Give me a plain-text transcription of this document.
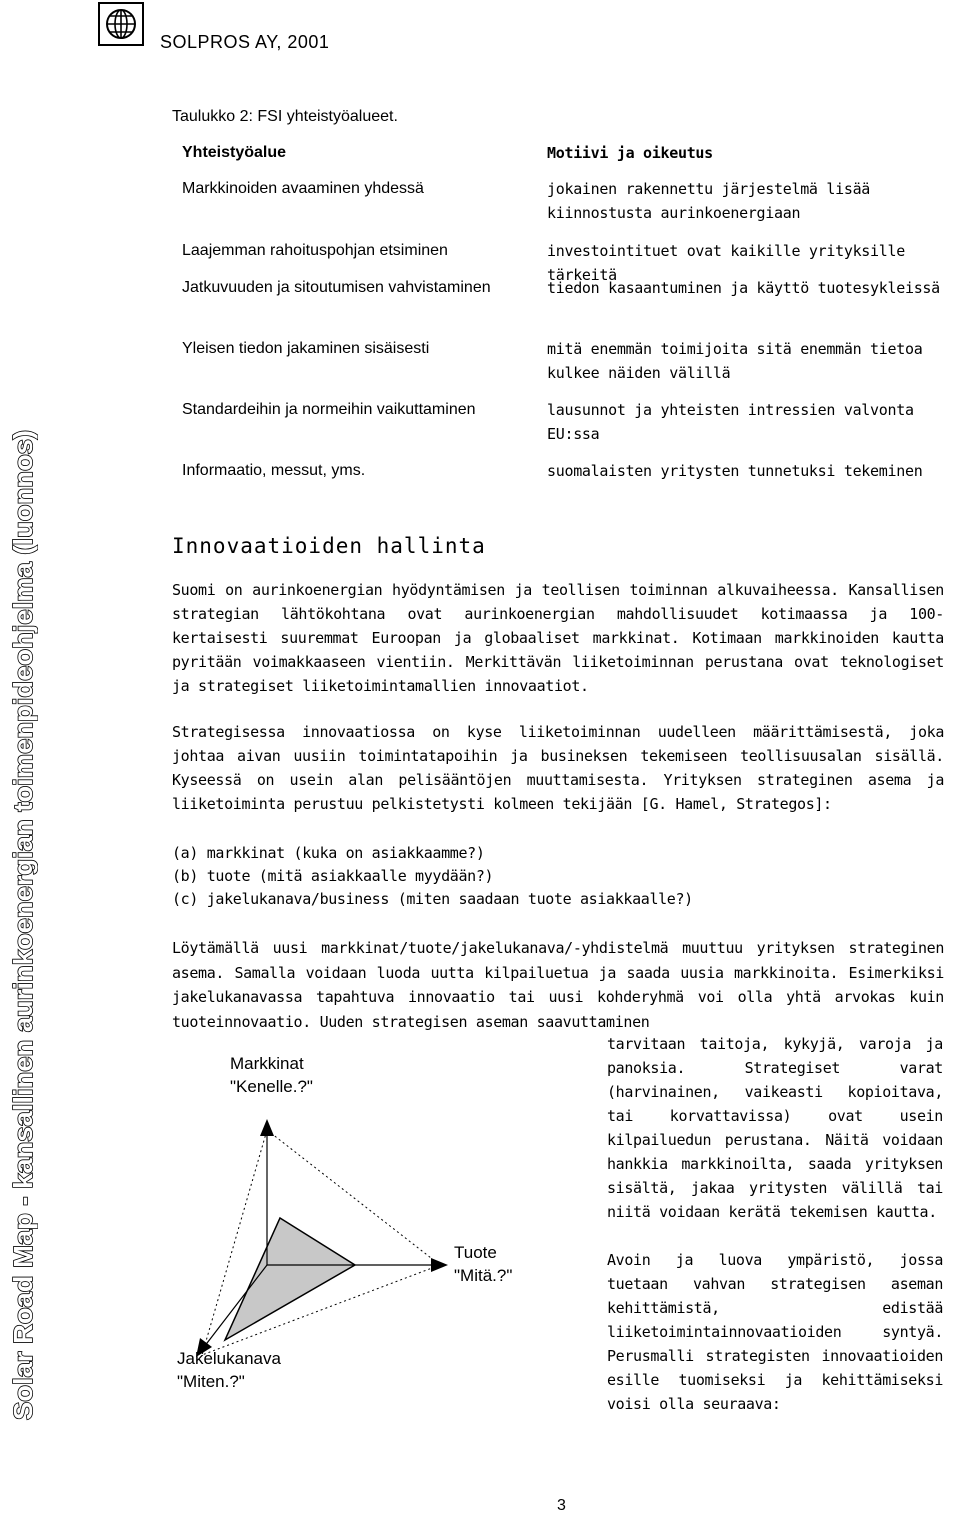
SOLPROS AY, 2001
Solar Road Map - kansallinen aurinkoenergian toimenpideohjelma (luonnos)
Taulukko 2: FSI yhteistyöalueet.
Yhteistyöalue	Motiivi ja oikeutus
Markkinoiden avaaminen yhdessä	jokainen rakennettu järjestelmä lisää kiinnostusta aurinkoenergiaan
Laajemman rahoituspohjan etsiminen	investointituet ovat kaikille yrityksille tärkeitä
Jatkuvuuden ja sitoutumisen vahvistaminen	tiedon kasaantuminen ja käyttö tuotesykleissä
Yleisen tiedon jakaminen sisäisesti	mitä enemmän toimijoita sitä enemmän tietoa kulkee näiden välillä
Standardeihin ja normeihin vaikuttaminen	lausunnot ja yhteisten intressien valvonta EU:ssa
Informaatio, messut, yms.	suomalaisten yritysten tunnetuksi tekeminen
Innovaatioiden hallinta
Suomi on aurinkoenergian hyödyntämisen ja teollisen toiminnan alkuvaiheessa. Kansallisen strategian lähtökohtana ovat aurinkoenergian mahdollisuudet kotimaassa ja 100-kertaisesti suuremmat Euroopan ja globaaliset markkinat. Kotimaan markkinoiden kautta pyritään voimakkaaseen vientiin. Merkittävän liiketoiminnan perustana ovat teknologiset ja strategiset liiketoimintamallien innovaatiot.
Strategisessa innovaatiossa on kyse liiketoiminnan uudelleen määrittämisestä, joka johtaa aivan uusiin toimintatapoihin ja busineksen tekemiseen teollisuusalan sisällä. Kyseessä on usein alan pelisääntöjen muuttamisesta. Yrityksen strateginen asema ja liiketoiminta perustuu pelkistetysti kolmeen tekijään [G. Hamel, Strategos]:
(a) markkinat (kuka on asiakkaamme?)
(b) tuote (mitä asiakkaalle myydään?)
(c) jakelukanava/business (miten saadaan tuote asiakkaalle?)
Löytämällä uusi markkinat/tuote/jakelukanava/-yhdistelmä muuttuu yrityksen strateginen asema. Samalla voidaan luoda uutta kilpailuetua ja saada uusia markkinoita. Esimerkiksi jakelukanavassa tapahtuva innovaatio tai uusi kohderyhmä voi olla yhtä arvokas kuin tuoteinnovaatio. Uuden strategisen aseman saavuttaminen
tarvitaan taitoja, kykyjä, varoja ja panoksia. Strategiset varat (harvinainen, vaikeasti kopioitava, tai korvattavissa) ovat usein kilpailuedun perustana. Näitä voidaan hankkia markkinoilta, saada yrityksen sisältä, jakaa yritysten välillä tai niitä voidaan kerätä tekemisen kautta.
Avoin ja luova ympäristö, jossa tuetaan vahvan strategisen aseman kehittämistä, edistää liiketoimintainnovaatioiden syntyä. Perusmalli strategisten innovaatioiden esille tuomiseksi ja kehittämiseksi voisi olla seuraava:
Markkinat
"Kenelle.?"
Tuote
"Mitä.?"
Jakelukanava
"Miten.?"
3
